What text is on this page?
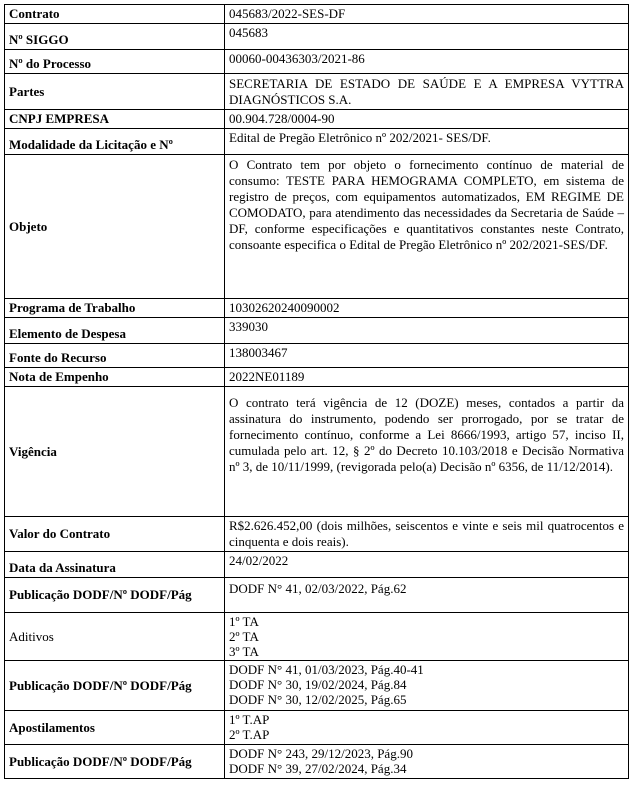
Contrato	045683/2022-SES-DF
Nº SIGGO	045683
Nº do Processo	00060-00436303/2021-86
Partes	SECRETARIA DE ESTADO DE SAÚDE E A EMPRESA VYTTRA DIAGNÓSTICOS S.A.
CNPJ EMPRESA	00.904.728/0004-90
Modalidade da Licitação e Nº	Edital de Pregão Eletrônico nº 202/2021- SES/DF.
Objeto	O Contrato tem por objeto o fornecimento contínuo de material de consumo: TESTE PARA HEMOGRAMA COMPLETO, em sistema de registro de preços, com equipamentos automatizados, EM REGIME DE COMODATO, para atendimento das necessidades da Secretaria de Saúde – DF, conforme especificações e quantitativos constantes neste Contrato, consoante especifica o Edital de Pregão Eletrônico nº 202/2021-SES/DF.
Programa de Trabalho	10302620240090002
Elemento de Despesa	339030
Fonte do Recurso	138003467
Nota de Empenho	2022NE01189
Vigência	O contrato terá vigência de 12 (DOZE) meses, contados a partir da assinatura do instrumento, podendo ser prorrogado, por se tratar de fornecimento contínuo, conforme a Lei 8666/1993, artigo 57, inciso II, cumulada pelo art. 12, § 2º do Decreto 10.103/2018 e Decisão Normativa nº 3, de 10/11/1999, (revigorada pelo(a) Decisão nº 6356, de 11/12/2014).
Valor do Contrato	R$2.626.452,00 (dois milhões, seiscentos e vinte e seis mil quatrocentos e cinquenta e dois reais).
Data da Assinatura	24/02/2022
Publicação DODF/Nº DODF/Pág	DODF N° 41, 02/03/2022, Pág.62
Aditivos	1º TA
2º TA
3º TA

Publicação DODF/Nº DODF/Pág	DODF N° 41, 01/03/2023, Pág.40-41
DODF N° 30, 19/02/2024, Pág.84
DODF N° 30, 12/02/2025, Pág.65

Apostilamentos	1º T.AP
2º T.AP

Publicação DODF/Nº DODF/Pág	DODF N° 243, 29/12/2023, Pág.90
DODF N° 39, 27/02/2024, Pág.34
